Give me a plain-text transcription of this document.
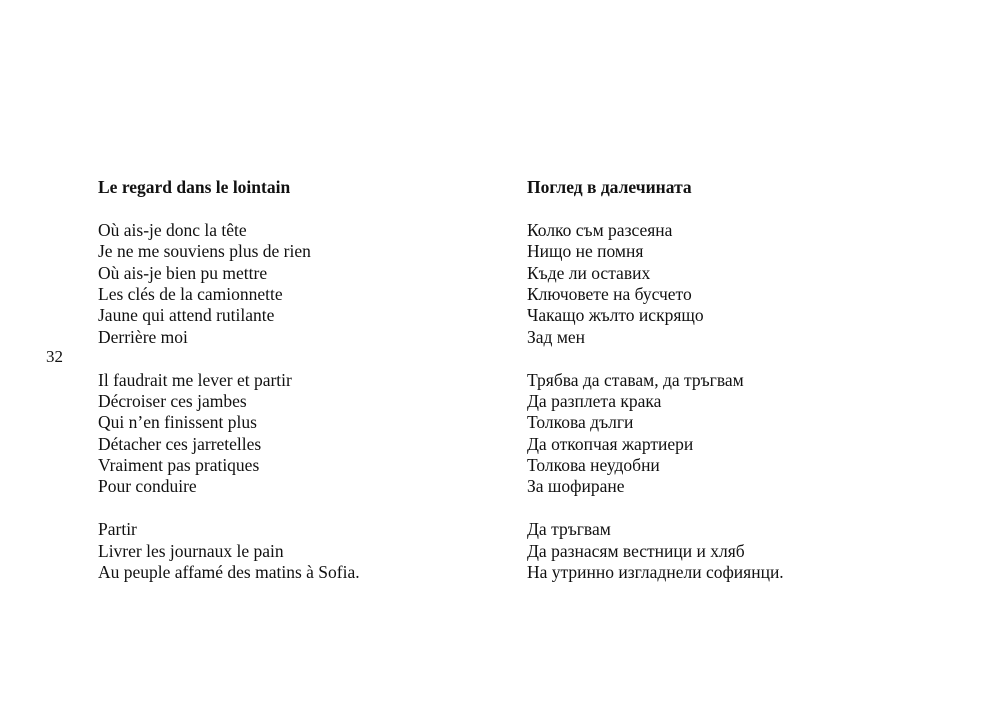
32
Le regard dans le lointain
Où ais-je donc la tête
Je ne me souviens plus de rien
Où ais-je bien pu mettre
Les clés de la camionnette
Jaune qui attend rutilante
Derrière moi
Il faudrait me lever et partir
Décroiser ces jambes
Qui n’en finissent plus
Détacher ces jarretelles
Vraiment pas pratiques
Pour conduire
Partir
Livrer les journaux le pain
Au peuple affamé des matins à Sofia.
Поглед в далечината
Колко съм разсеяна
Нищо не помня
Къде ли оставих
Ключовете на бусчето
Чакащо жълто искрящо
Зад мен
Трябва да ставам, да тръгвам
Да разплета крака
Толкова дълги
Да откопчая жартиери
Толкова неудобни
За шофиране
Да тръгвам
Да разнасям вестници и хляб
На утринно изгладнели софиянци.
